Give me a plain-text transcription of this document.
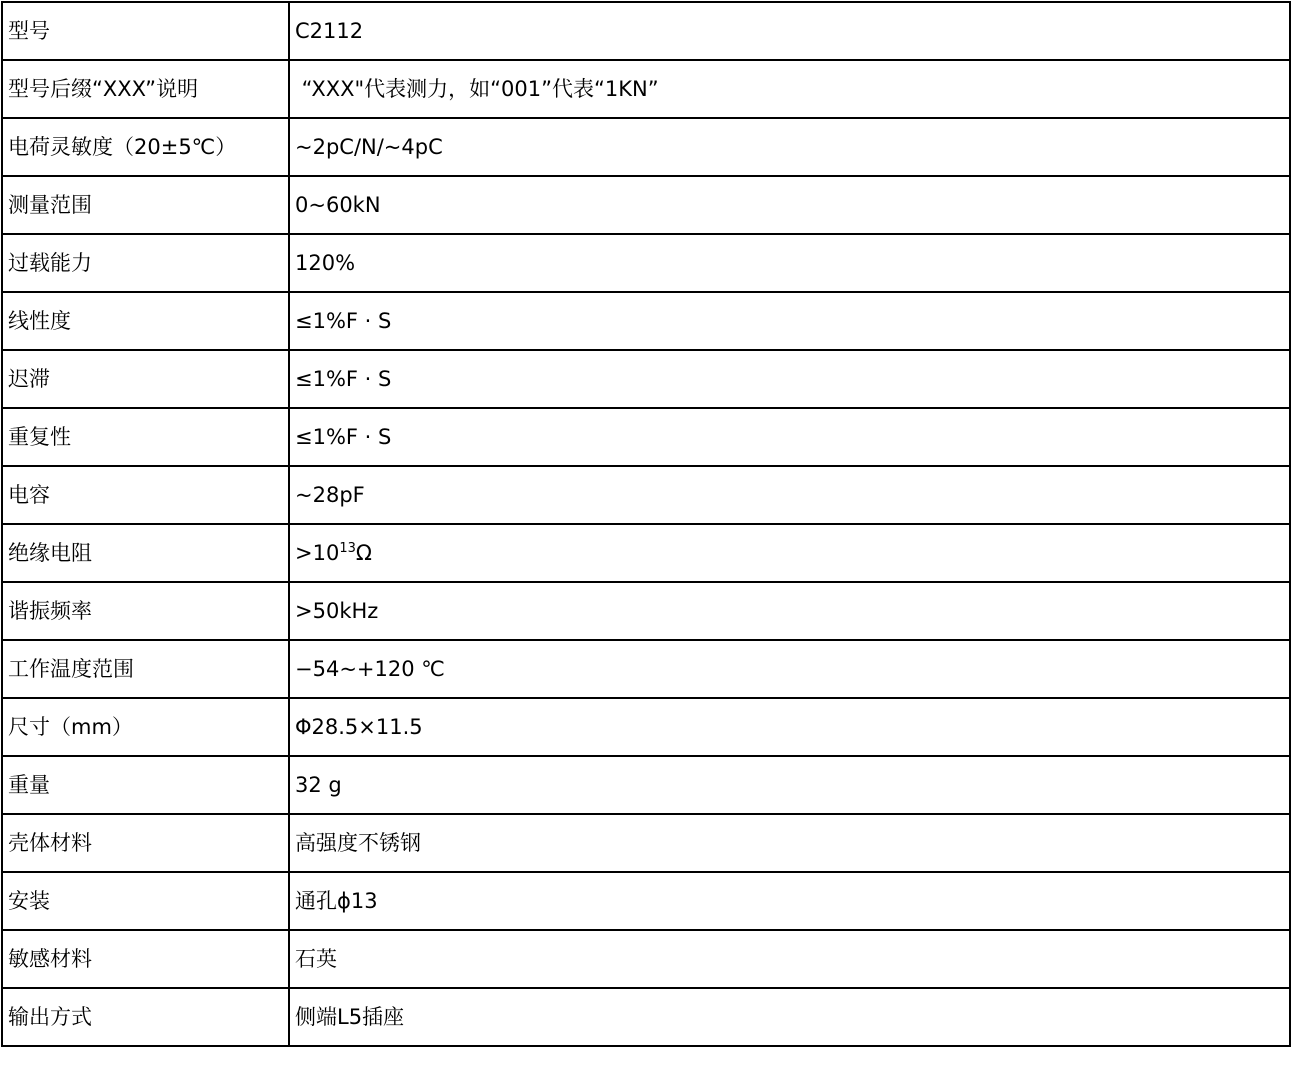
型号	C2112
型号后缀“XXX”说明	“XXX"代表测力，如“001”代表“1KN”
电荷灵敏度（20±5℃）	~2pC/N/~4pC
测量范围	0~60kN
过载能力	120%
线性度	≤1%F · S
迟滞	≤1%F · S
重复性	≤1%F · S
电容	~28pF
绝缘电阻	$>10^{13}\Omega$
谐振频率	>50kHz
工作温度范围	−54~+120 ℃
尺寸（mm）	Φ28.5×11.5
重量	32 g
壳体材料	高强度不锈钢
安装	通孔ϕ13
敏感材料	石英
输出方式	侧端L5插座
